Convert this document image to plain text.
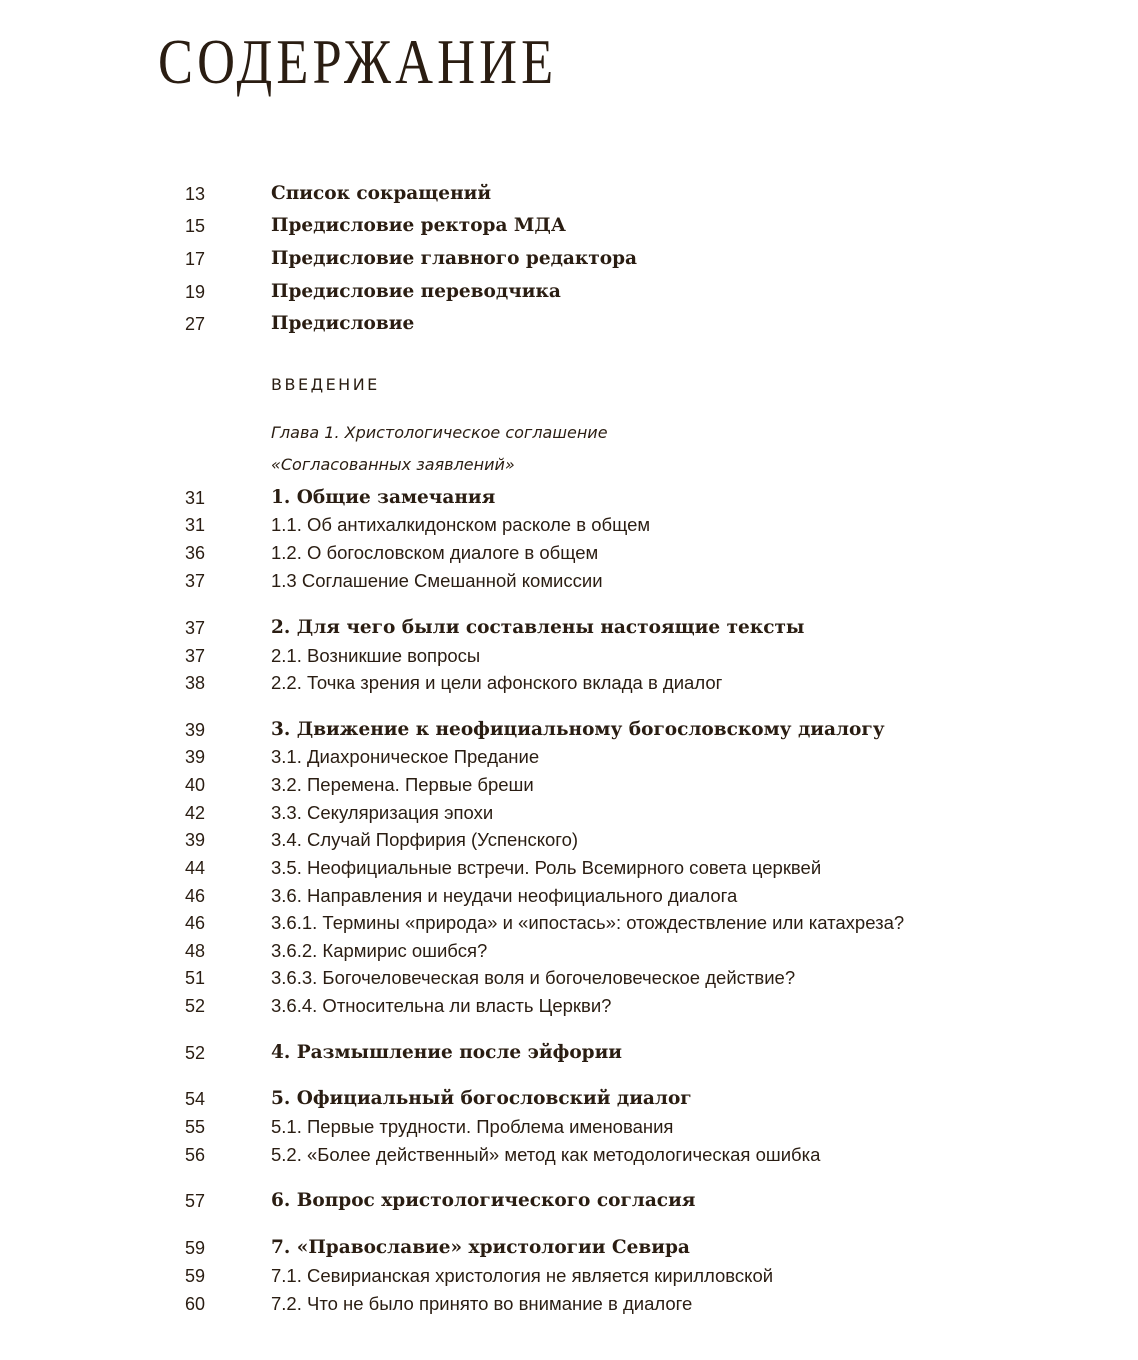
СОДЕРЖАНИЕ
13	Список сокращений
15	Предисловие ректора МДА
17	Предисловие главного редактора
19	Предисловие переводчика
27	Предисловие
ВВЕДЕНИЕ
Глава 1. Христологическое соглашение
«Согласованных заявлений»
31	1. Общие замечания
31	1.1. Об антихалкидонском расколе в общем
36	1.2. О богословском диалоге в общем
37	1.3 Соглашение Смешанной комиссии
37	2. Для чего были составлены настоящие тексты
37	2.1. Возникшие вопросы
38	2.2. Точка зрения и цели афонского вклада в диалог
39	3. Движение к неофициальному богословскому диалогу
39	3.1. Диахроническое Предание
40	3.2. Перемена. Первые бреши
42	3.3. Секуляризация эпохи
39	3.4. Случай Порфирия (Успенского)
44	3.5. Неофициальные встречи. Роль Всемирного совета церквей
46	3.6. Направления и неудачи неофициального диалога
46	3.6.1. Термины «природа» и «ипостась»: отождествление или катахреза?
48	3.6.2. Кармирис ошибся?
51	3.6.3. Богочеловеческая воля и богочеловеческое действие?
52	3.6.4. Относительна ли власть Церкви?
52	4. Размышление после эйфории
54	5. Официальный богословский диалог
55	5.1. Первые трудности. Проблема именования
56	5.2. «Более действенный» метод как методологическая ошибка
57	6. Вопрос христологического согласия
59	7. «Православие» христологии Севира
59	7.1. Севирианская христология не является кирилловской
60	7.2. Что не было принято во внимание в диалоге
